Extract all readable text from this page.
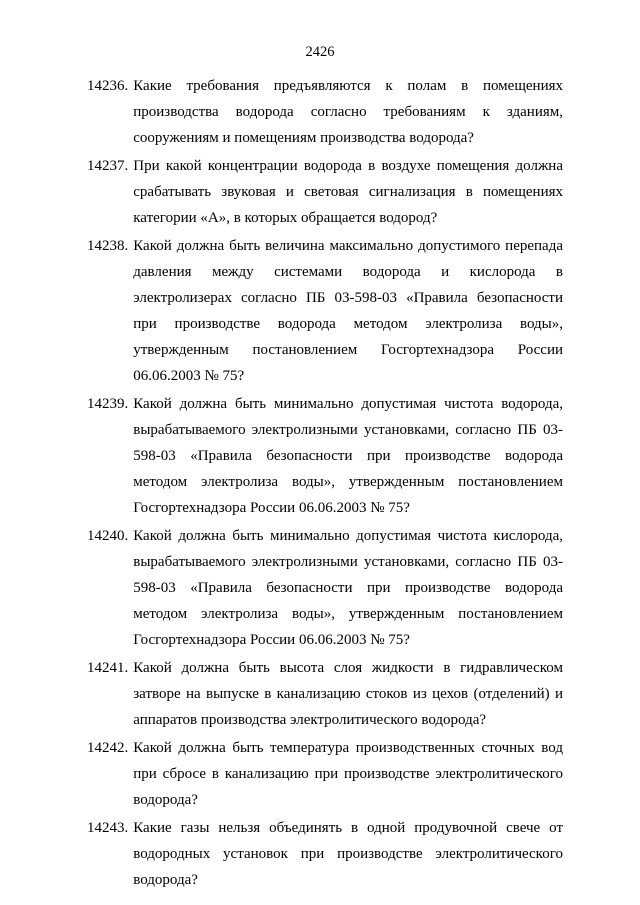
2426
14236. Какие требования предъявляются к полам в помещениях производства водорода согласно требованиям к зданиям, сооружениям и помещениям производства водорода?
14237. При какой концентрации водорода в воздухе помещения должна срабатывать звуковая и световая сигнализация в помещениях категории «А», в которых обращается водород?
14238. Какой должна быть величина максимально допустимого перепада давления между системами водорода и кислорода в электролизерах согласно ПБ 03-598-03 «Правила безопасности при производстве водорода методом электролиза воды», утвержденным постановлением Госгортехнадзора России 06.06.2003 № 75?
14239. Какой должна быть минимально допустимая чистота водорода, вырабатываемого электролизными установками, согласно ПБ 03-598-03 «Правила безопасности при производстве водорода методом электролиза воды», утвержденным постановлением Госгортехнадзора России 06.06.2003 № 75?
14240. Какой должна быть минимально допустимая чистота кислорода, вырабатываемого электролизными установками, согласно ПБ 03-598-03 «Правила безопасности при производстве водорода методом электролиза воды», утвержденным постановлением Госгортехнадзора России 06.06.2003 № 75?
14241. Какой должна быть высота слоя жидкости в гидравлическом затворе на выпуске в канализацию стоков из цехов (отделений) и аппаратов производства электролитического водорода?
14242. Какой должна быть температура производственных сточных вод при сбросе в канализацию при производстве электролитического водорода?
14243. Какие газы нельзя объединять в одной продувочной свече от водородных установок при производстве электролитического водорода?
